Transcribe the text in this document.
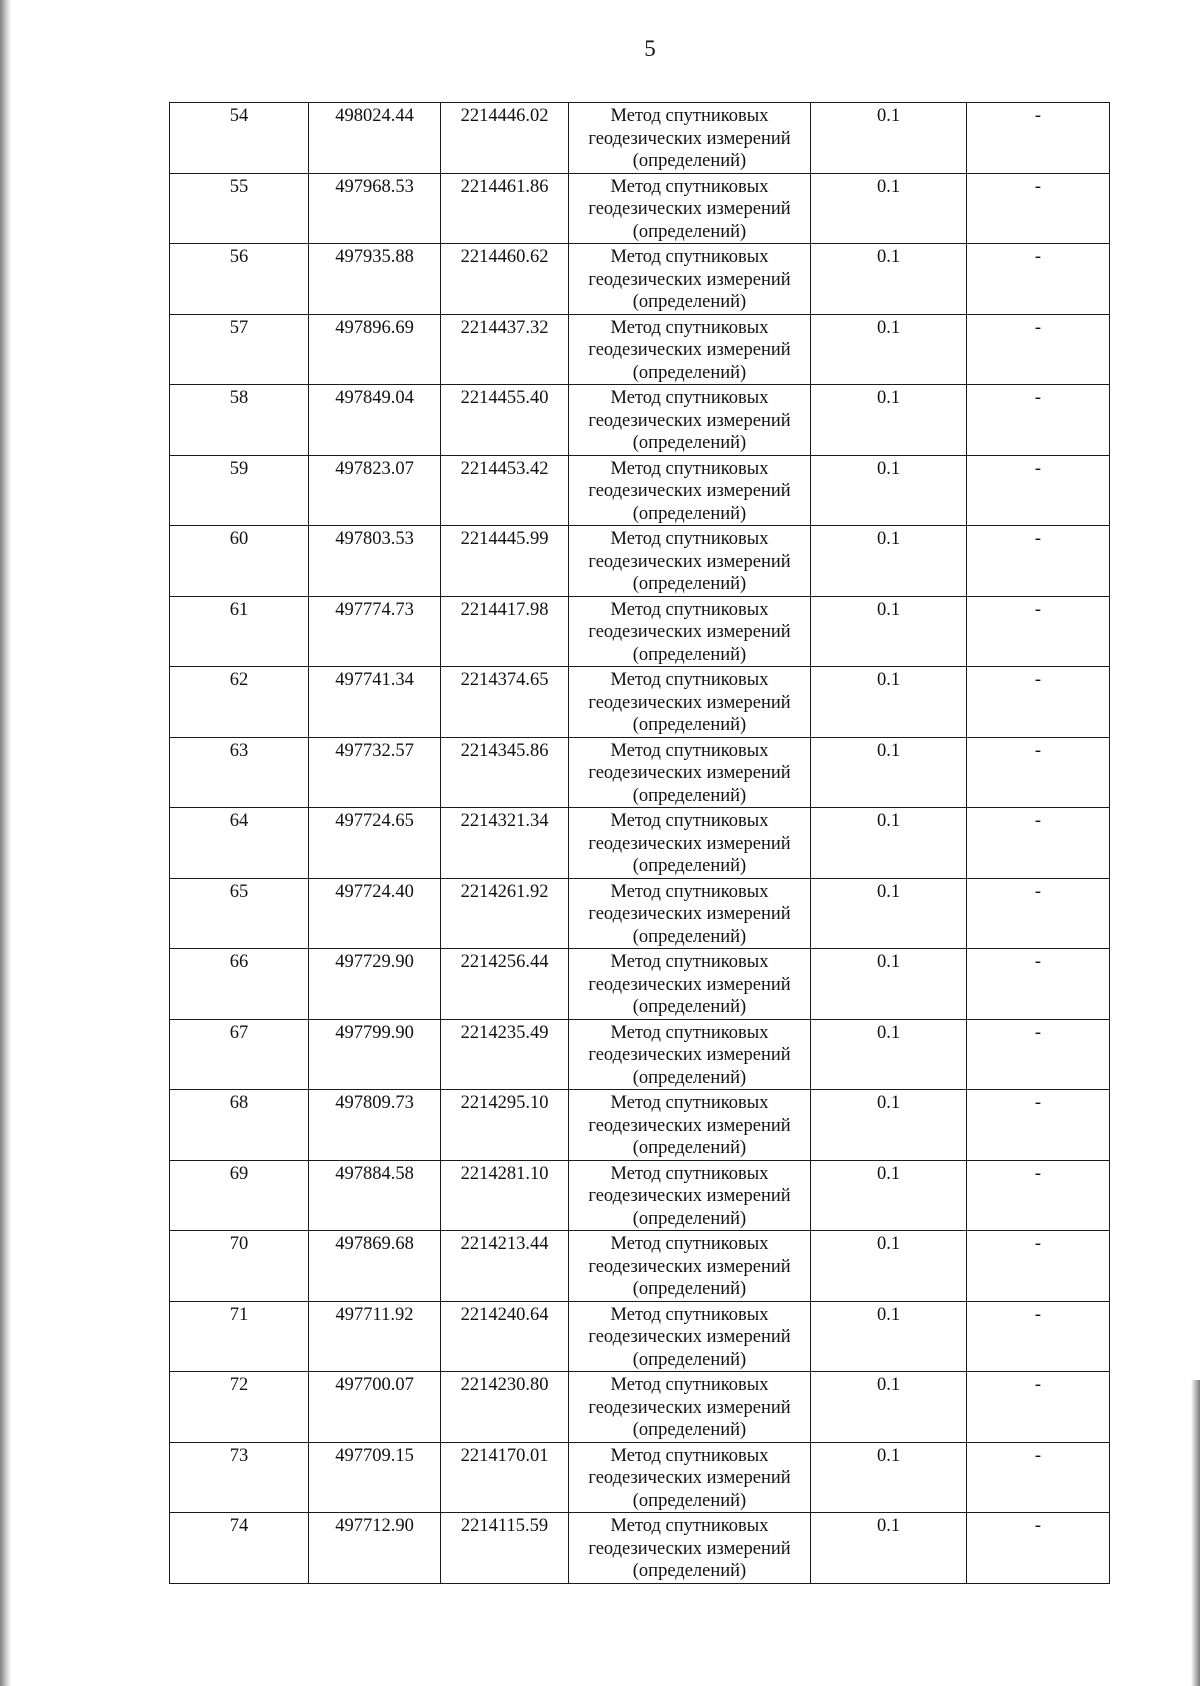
5
54	498024.44	2214446.02	Метод спутниковых геодезических измерений (определений)	0.1	-
55	497968.53	2214461.86	Метод спутниковых геодезических измерений (определений)	0.1	-
56	497935.88	2214460.62	Метод спутниковых геодезических измерений (определений)	0.1	-
57	497896.69	2214437.32	Метод спутниковых геодезических измерений (определений)	0.1	-
58	497849.04	2214455.40	Метод спутниковых геодезических измерений (определений)	0.1	-
59	497823.07	2214453.42	Метод спутниковых геодезических измерений (определений)	0.1	-
60	497803.53	2214445.99	Метод спутниковых геодезических измерений (определений)	0.1	-
61	497774.73	2214417.98	Метод спутниковых геодезических измерений (определений)	0.1	-
62	497741.34	2214374.65	Метод спутниковых геодезических измерений (определений)	0.1	-
63	497732.57	2214345.86	Метод спутниковых геодезических измерений (определений)	0.1	-
64	497724.65	2214321.34	Метод спутниковых геодезических измерений (определений)	0.1	-
65	497724.40	2214261.92	Метод спутниковых геодезических измерений (определений)	0.1	-
66	497729.90	2214256.44	Метод спутниковых геодезических измерений (определений)	0.1	-
67	497799.90	2214235.49	Метод спутниковых геодезических измерений (определений)	0.1	-
68	497809.73	2214295.10	Метод спутниковых геодезических измерений (определений)	0.1	-
69	497884.58	2214281.10	Метод спутниковых геодезических измерений (определений)	0.1	-
70	497869.68	2214213.44	Метод спутниковых геодезических измерений (определений)	0.1	-
71	497711.92	2214240.64	Метод спутниковых геодезических измерений (определений)	0.1	-
72	497700.07	2214230.80	Метод спутниковых геодезических измерений (определений)	0.1	-
73	497709.15	2214170.01	Метод спутниковых геодезических измерений (определений)	0.1	-
74	497712.90	2214115.59	Метод спутниковых геодезических измерений (определений)	0.1	-
